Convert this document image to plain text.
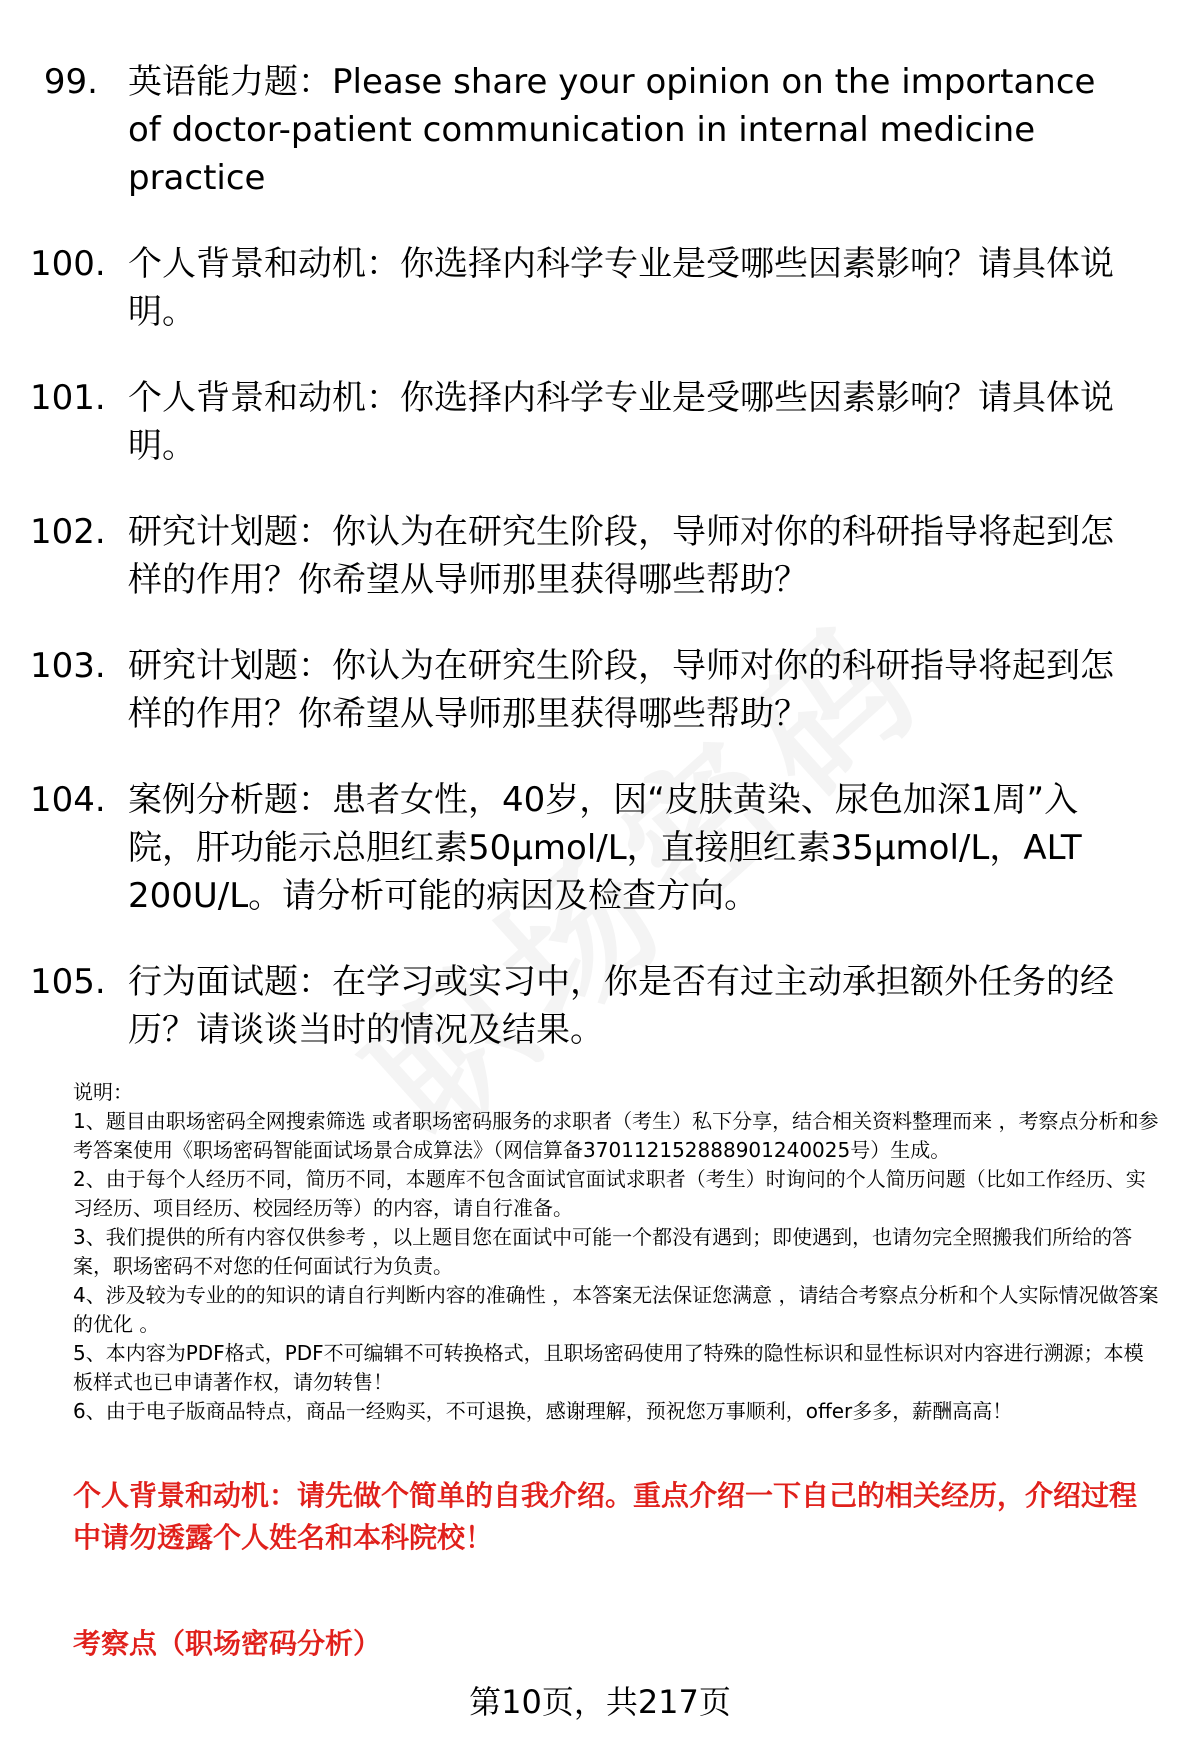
99. 英语能力题：Please share your opinion on the importance of doctor-patient communication in internal medicine practice
100. 个人背景和动机：你选择内科学专业是受哪些因素影响？请具体说明。
101. 个人背景和动机：你选择内科学专业是受哪些因素影响？请具体说明。
102. 研究计划题：你认为在研究生阶段，导师对你的科研指导将起到怎样的作用？你希望从导师那里获得哪些帮助？
103. 研究计划题：你认为在研究生阶段，导师对你的科研指导将起到怎样的作用？你希望从导师那里获得哪些帮助？
104. 案例分析题：患者女性，40岁，因“皮肤黄染、尿色加深1周”入院，肝功能示总胆红素50μmol/L，直接胆红素35μmol/L，ALT 200U/L。请分析可能的病因及检查方向。
105. 行为面试题：在学习或实习中，你是否有过主动承担额外任务的经历？请谈谈当时的情况及结果。

说明：

1、题目由职场密码全网搜索筛选 或者职场密码服务的求职者（考生）私下分享，结合相关资料整理而来 ，考察点分析和参考答案使用《职场密码智能面试场景合成算法》（网信算备370112152888901240025号）生成。

2、由于每个人经历不同，简历不同，本题库不包含面试官面试求职者（考生）时询问的个人简历问题（比如工作经历、实习经历、项目经历、校园经历等）的内容，请自行准备。

3、我们提供的所有内容仅供参考 ，以上题目您在面试中可能一个都没有遇到；即使遇到，也请勿完全照搬我们所给的答案，职场密码不对您的任何面试行为负责。

4、涉及较为专业的的知识的请自行判断内容的准确性 ，本答案无法保证您满意 ，请结合考察点分析和个人实际情况做答案的优化 。

5、本内容为PDF格式，PDF不可编辑不可转换格式，且职场密码使用了特殊的隐性标识和显性标识对内容进行溯源；本模板样式也已申请著作权，请勿转售！

6、由于电子版商品特点，商品一经购买，不可退换，感谢理解，预祝您万事顺利，offer多多，薪酬高高！

个人背景和动机：请先做个简单的自我介绍。重点介绍一下自己的相关经历，介绍过程中请勿透露个人姓名和本科院校！
考察点（职场密码分析）
第10页，共217页
